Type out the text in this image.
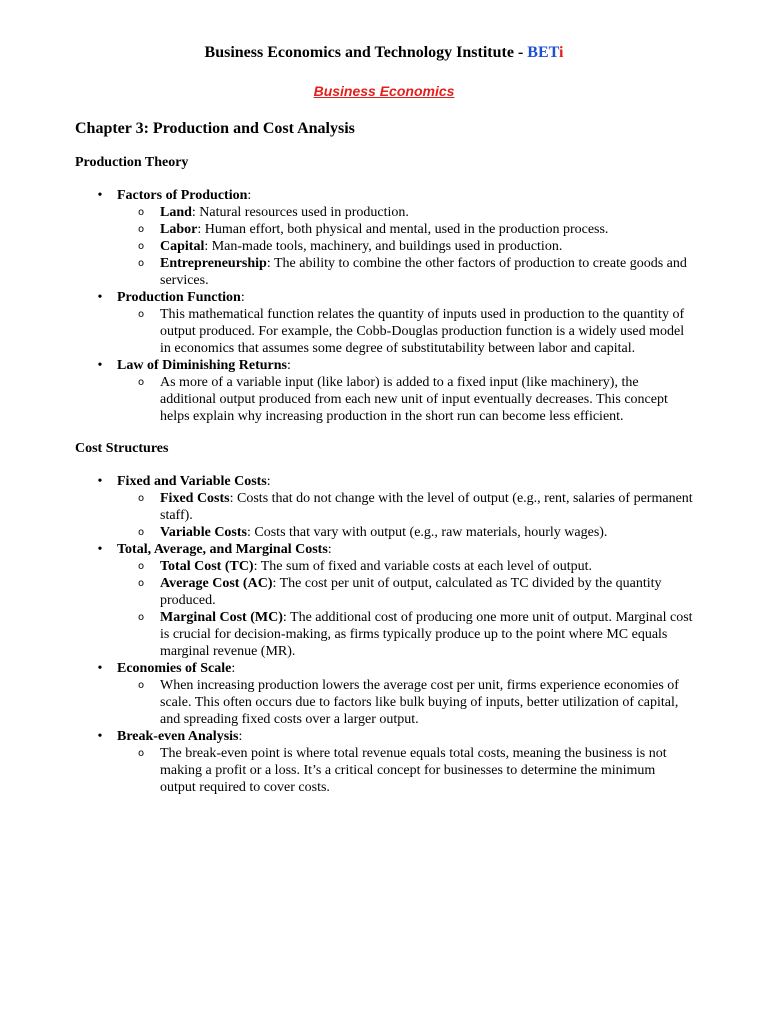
Business Economics and Technology Institute - BETi
Business Economics
Chapter 3: Production and Cost Analysis
Production Theory
• Factors of Production:
o Land: Natural resources used in production.
o Labor: Human effort, both physical and mental, used in the production process.
o Capital: Man-made tools, machinery, and buildings used in production.
o Entrepreneurship: The ability to combine the other factors of production to create goods and services.
• Production Function:
o This mathematical function relates the quantity of inputs used in production to the quantity of output produced. For example, the Cobb-Douglas production function is a widely used model in economics that assumes some degree of substitutability between labor and capital.
• Law of Diminishing Returns:
o As more of a variable input (like labor) is added to a fixed input (like machinery), the additional output produced from each new unit of input eventually decreases. This concept helps explain why increasing production in the short run can become less efficient.
Cost Structures
• Fixed and Variable Costs:
o Fixed Costs: Costs that do not change with the level of output (e.g., rent, salaries of permanent staff).
o Variable Costs: Costs that vary with output (e.g., raw materials, hourly wages).
• Total, Average, and Marginal Costs:
o Total Cost (TC): The sum of fixed and variable costs at each level of output.
o Average Cost (AC): The cost per unit of output, calculated as TC divided by the quantity produced.
o Marginal Cost (MC): The additional cost of producing one more unit of output. Marginal cost is crucial for decision-making, as firms typically produce up to the point where MC equals marginal revenue (MR).
• Economies of Scale:
o When increasing production lowers the average cost per unit, firms experience economies of scale. This often occurs due to factors like bulk buying of inputs, better utilization of capital, and spreading fixed costs over a larger output.
• Break-even Analysis:
o The break-even point is where total revenue equals total costs, meaning the business is not making a profit or a loss. It’s a critical concept for businesses to determine the minimum output required to cover costs.
